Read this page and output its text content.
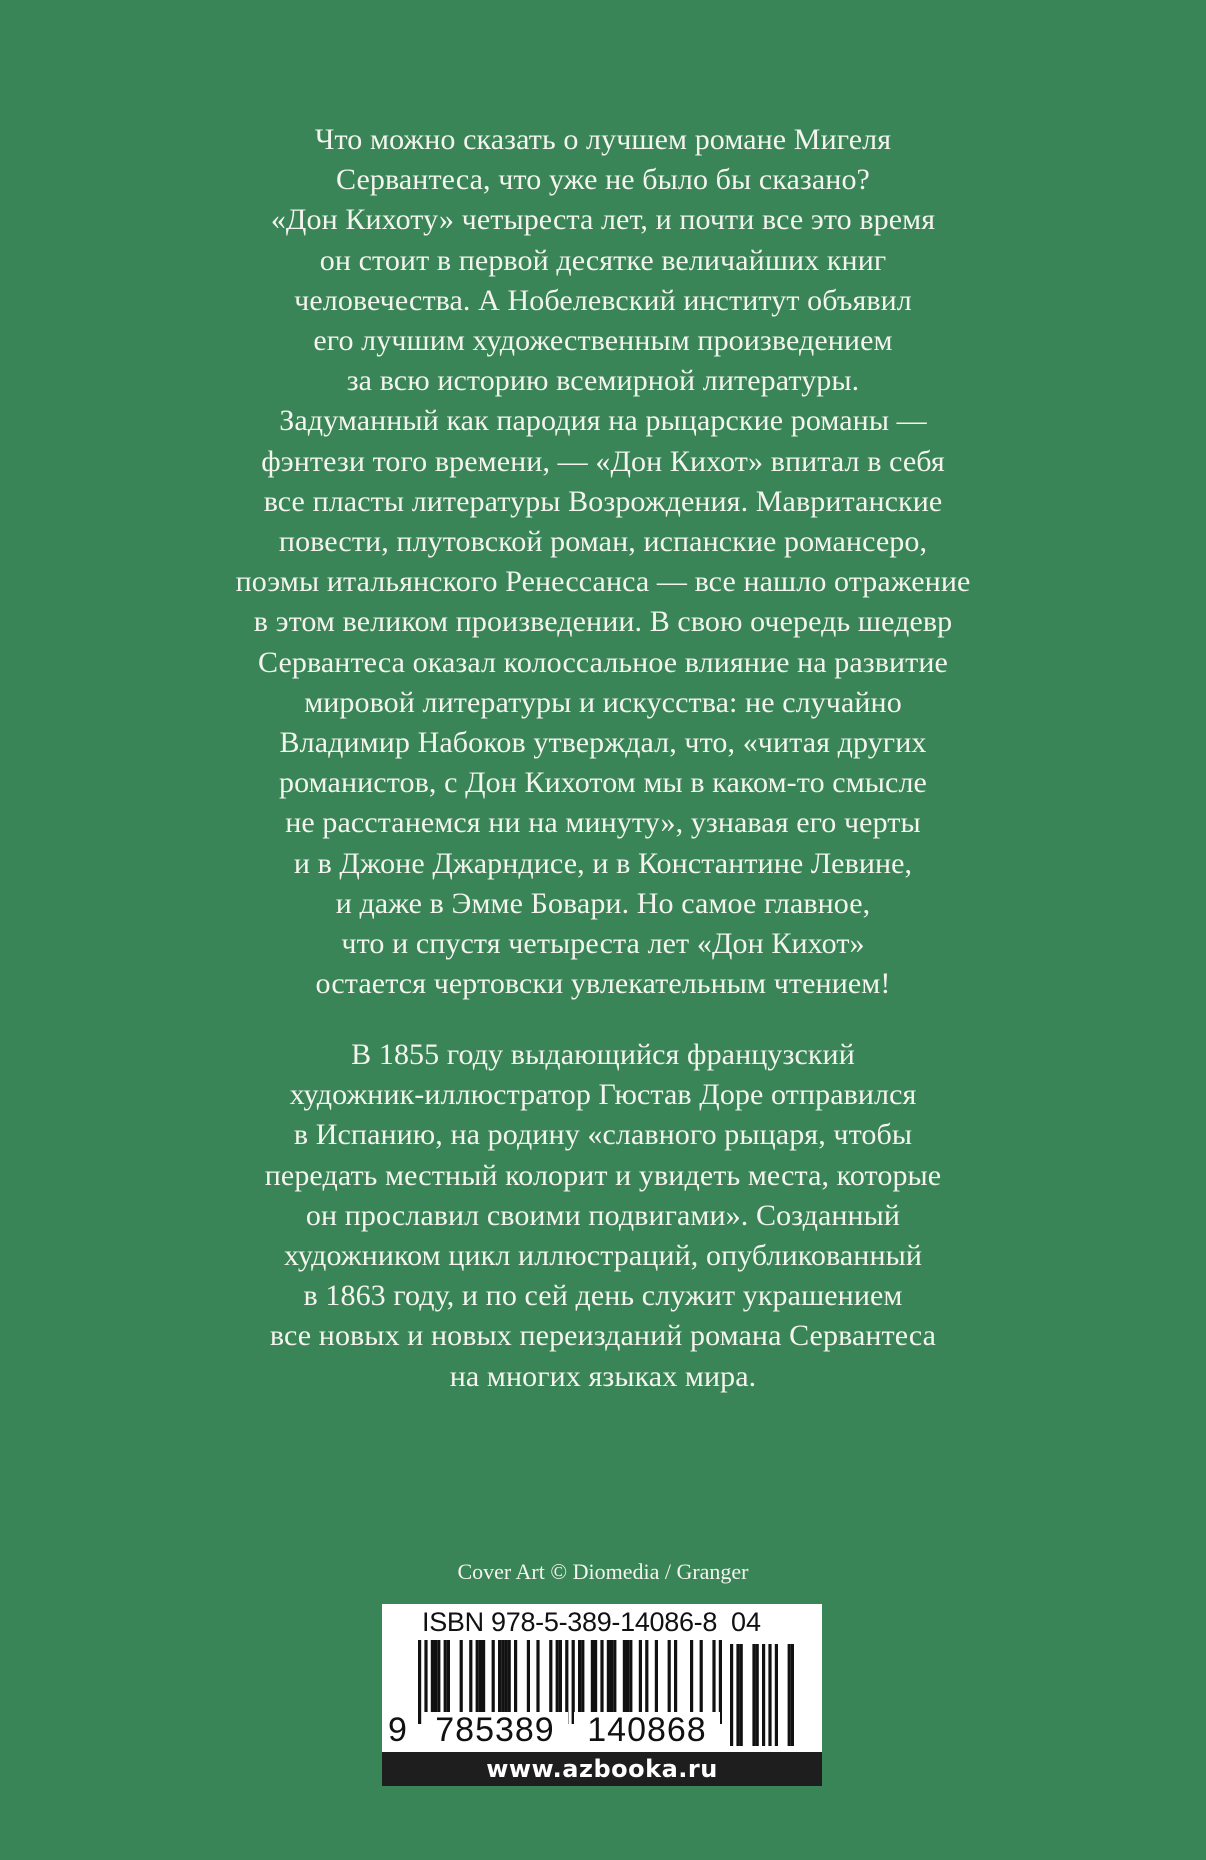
Что можно сказать о лучшем романе Мигеля
Сервантеса, что уже не было бы сказано?
«Дон Кихоту» четыреста лет, и почти все это время
он стоит в первой десятке величайших книг
человечества. А Нобелевский институт объявил
его лучшим художественным произведением
за всю историю всемирной литературы.
Задуманный как пародия на рыцарские романы —
фэнтези того времени, — «Дон Кихот» впитал в себя
все пласты литературы Возрождения. Мавританские
повести, плутовской роман, испанские романсеро,
поэмы итальянского Ренессанса — все нашло отражение
в этом великом произведении. В свою очередь шедевр
Сервантеса оказал колоссальное влияние на развитие
мировой литературы и искусства: не случайно
Владимир Набоков утверждал, что, «читая других
романистов, с Дон Кихотом мы в каком-то смысле
не расстанемся ни на минуту», узнавая его черты
и в Джоне Джарндисе, и в Константине Левине,
и даже в Эмме Бовари. Но самое главное,
что и спустя четыреста лет «Дон Кихот»
остается чертовски увлекательным чтением!
В 1855 году выдающийся французский
художник-иллюстратор Гюстав Доре отправился
в Испанию, на родину «славного рыцаря, чтобы
передать местный колорит и увидеть места, которые
он прославил своими подвигами». Созданный
художником цикл иллюстраций, опубликованный
в 1863 году, и по сей день служит украшением
все новых и новых переизданий романа Сервантеса
на многих языках мира.
Cover Art © Diomedia / Granger
ISBN 978-5-389-14086-8 04
9 785389 140868
www.azbooka.ru
